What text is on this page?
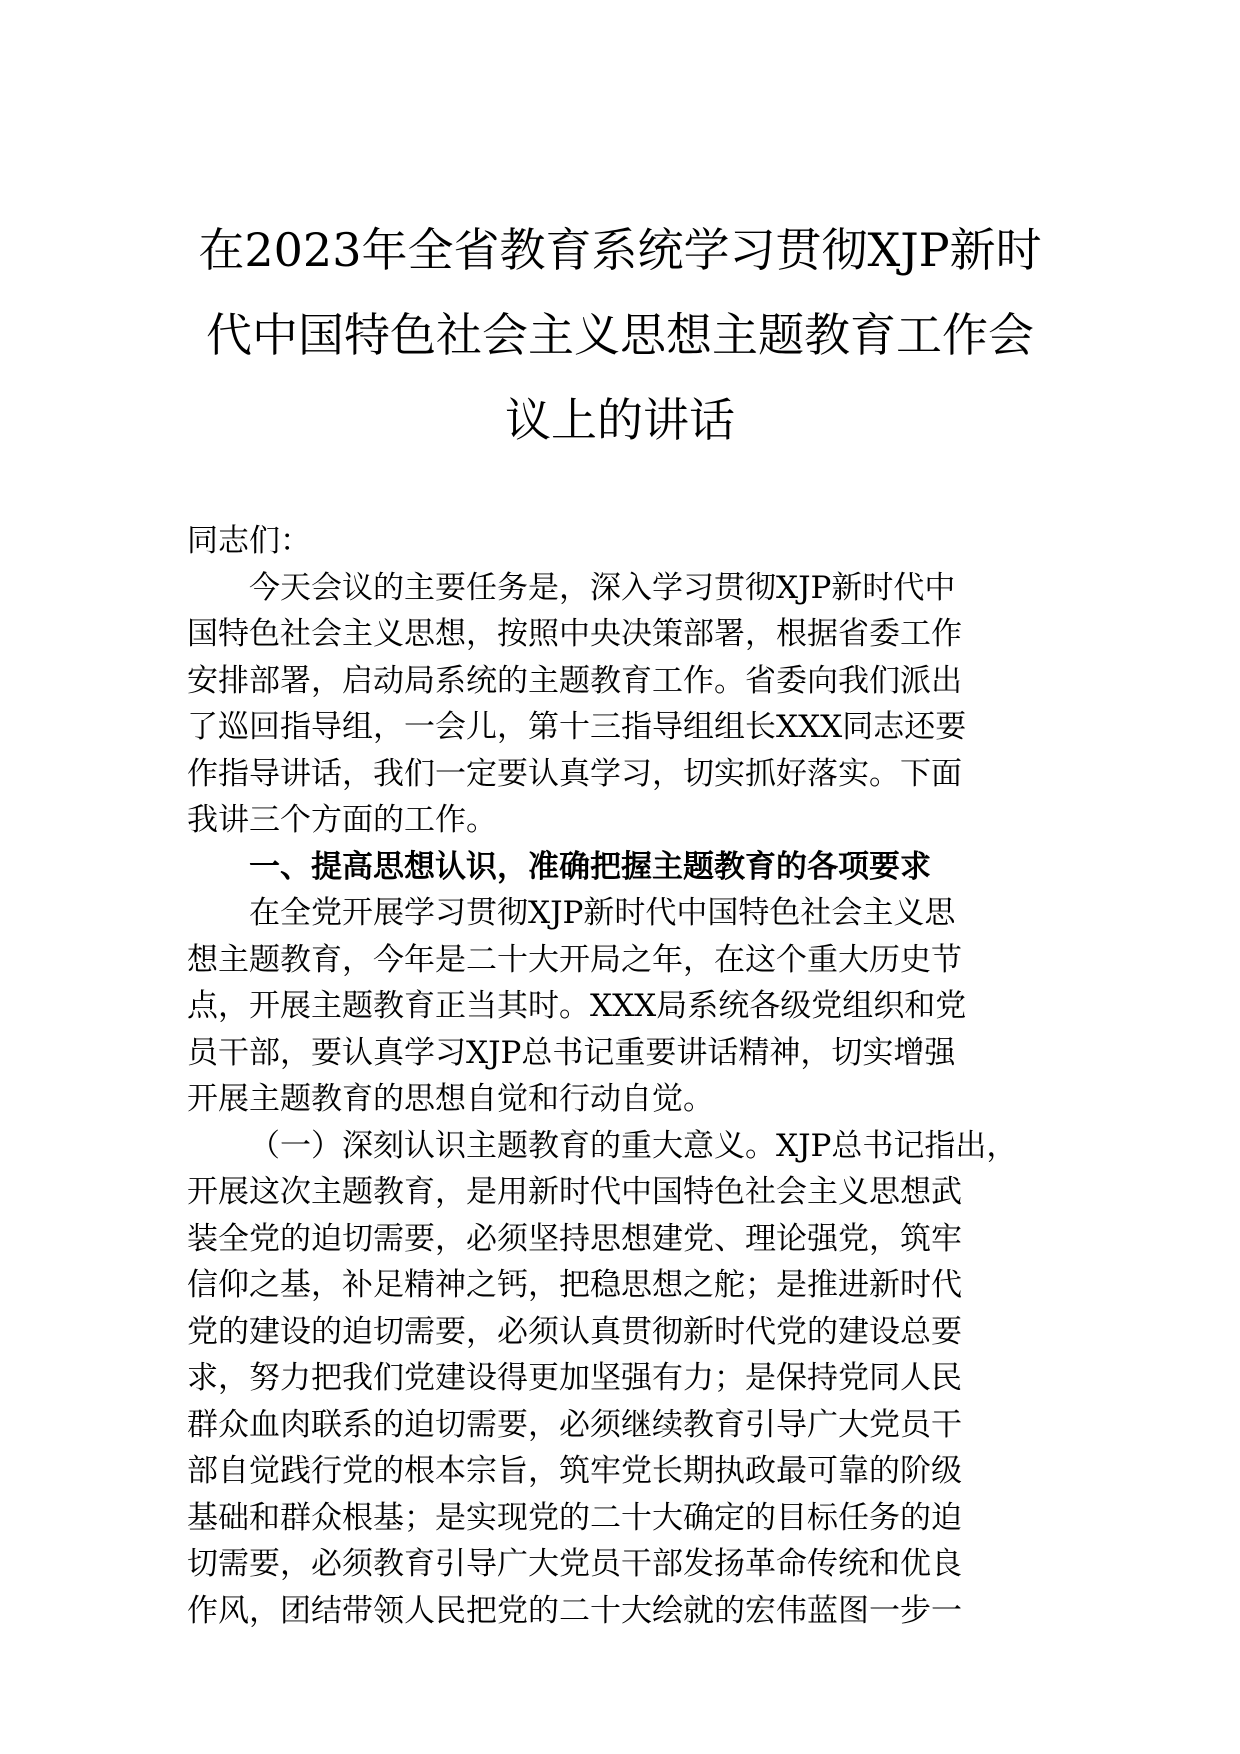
在2023年全省教育系统学习贯彻XJP新时
代中国特色社会主义思想主题教育工作会
议上的讲话
同志们：
今天会议的主要任务是，深入学习贯彻XJP新时代中
国特色社会主义思想，按照中央决策部署，根据省委工作
安排部署，启动局系统的主题教育工作。省委向我们派出
了巡回指导组，一会儿，第十三指导组组长XXX同志还要
作指导讲话，我们一定要认真学习，切实抓好落实。下面
我讲三个方面的工作。
一、提高思想认识，准确把握主题教育的各项要求
在全党开展学习贯彻XJP新时代中国特色社会主义思
想主题教育，今年是二十大开局之年，在这个重大历史节
点，开展主题教育正当其时。XXX局系统各级党组织和党
员干部，要认真学习XJP总书记重要讲话精神，切实增强
开展主题教育的思想自觉和行动自觉。
（一）深刻认识主题教育的重大意义。XJP总书记指出，
开展这次主题教育，是用新时代中国特色社会主义思想武
装全党的迫切需要，必须坚持思想建党、理论强党，筑牢
信仰之基，补足精神之钙，把稳思想之舵；是推进新时代
党的建设的迫切需要，必须认真贯彻新时代党的建设总要
求，努力把我们党建设得更加坚强有力；是保持党同人民
群众血肉联系的迫切需要，必须继续教育引导广大党员干
部自觉践行党的根本宗旨，筑牢党长期执政最可靠的阶级
基础和群众根基；是实现党的二十大确定的目标任务的迫
切需要，必须教育引导广大党员干部发扬革命传统和优良
作风，团结带领人民把党的二十大绘就的宏伟蓝图一步一
